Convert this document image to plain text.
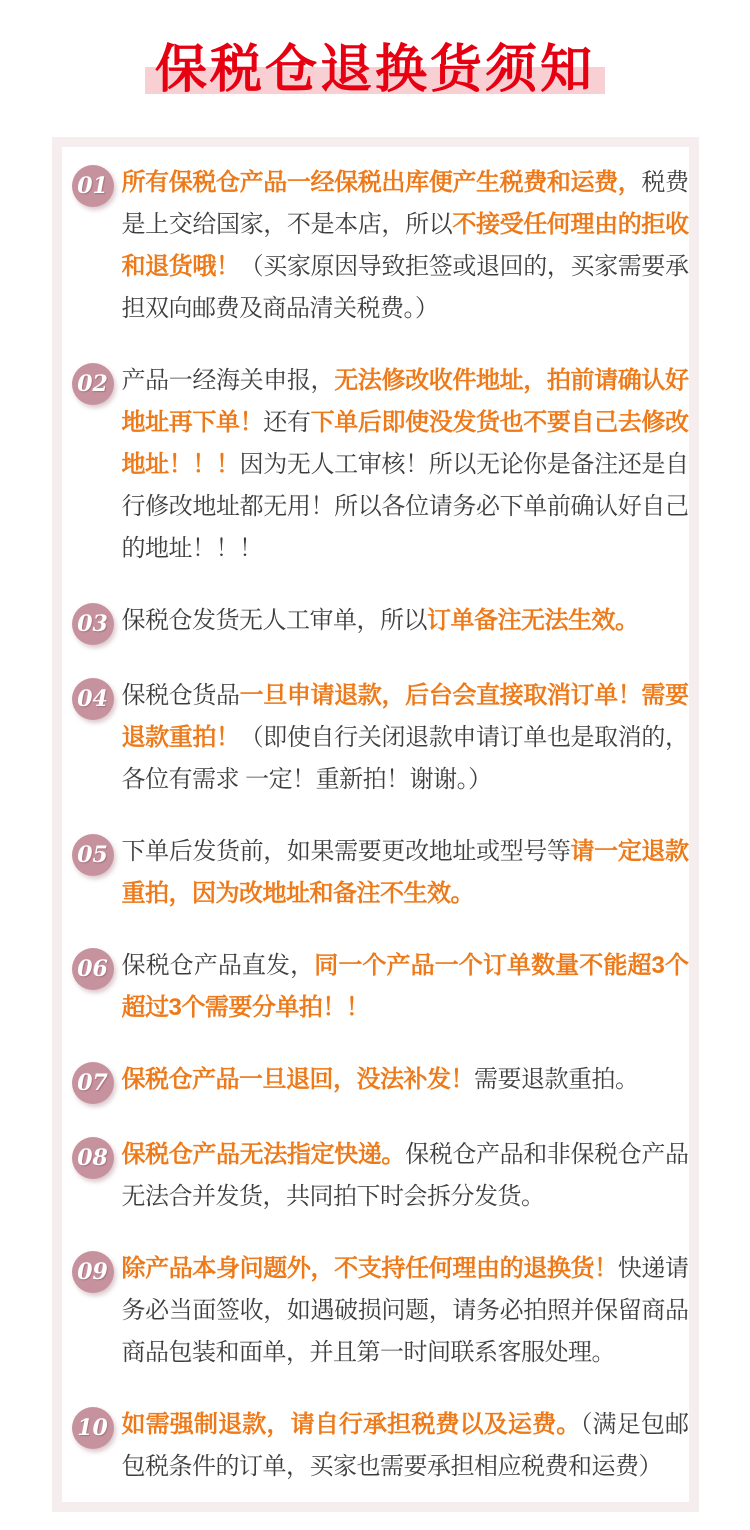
保税仓退换货须知
01 所有保税仓产品一经保税出库便产生税费和运费，税费是上交给国家，不是本店，所以不接受任何理由的拒收和退货哦！（买家原因导致拒签或退回的，买家需要承担双向邮费及商品清关税费。）

02 产品一经海关申报，无法修改收件地址，拍前请确认好地址再下单！还有下单后即使没发货也不要自己去修改地址！！！因为无人工审核！所以无论你是备注还是自行修改地址都无用！所以各位请务必下单前确认好自己的地址！！！

03 保税仓发货无人工审单，所以订单备注无法生效。

04 保税仓货品一旦申请退款，后台会直接取消订单！需要退款重拍！（即使自行关闭退款申请订单也是取消的，各位有需求 一定！重新拍！谢谢。）

05 下单后发货前，如果需要更改地址或型号等请一定退款重拍，因为改地址和备注不生效。

06 保税仓产品直发，同一个产品一个订单数量不能超3个超过3个需要分单拍！！

07 保税仓产品一旦退回，没法补发！需要退款重拍。

08 保税仓产品无法指定快递。保税仓产品和非保税仓产品无法合并发货，共同拍下时会拆分发货。

09 除产品本身问题外，不支持任何理由的退换货！快递请务必当面签收，如遇破损问题，请务必拍照并保留商品商品包装和面单，并且第一时间联系客服处理。

10 如需强制退款，请自行承担税费以及运费。（满足包邮包税条件的订单，买家也需要承担相应税费和运费）
